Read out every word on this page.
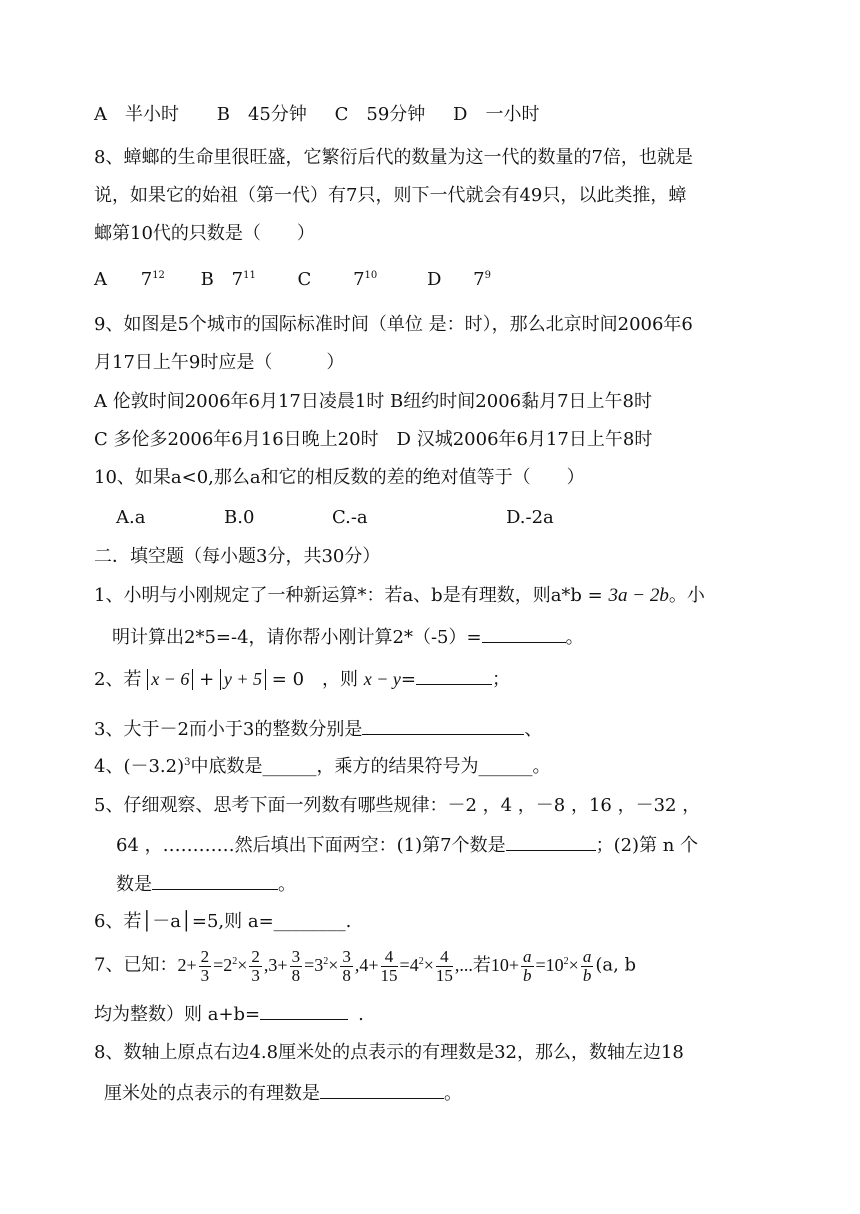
A　半小时 B　45分钟 C　59分钟 D　一小时
8、蟑螂的生命里很旺盛，它繁衍后代的数量为这一代的数量的7倍，也就是
说，如果它的始祖（第一代）有7只，则下一代就会有49只，以此类推，蟑
螂第10代的只数是（　　）
A $7^{12}$ B $7^{11}$ C $7^{10}$	D $7^9$
9、如图是5个城市的国际标准时间（单位 是：时），那么北京时间2006年6
月17日上午9时应是（　　　）
A 伦敦时间2006年6月17日凌晨1时 B纽约时间2006黏月7日上午8时
C 多伦多2006年6月16日晚上20时　D 汉城2006年6月17日上午8时
10、如果a<0,那么a和它的相反数的差的绝对值等于（　　）
A.a	B.0	C.-a	D.-2a
二．填空题（每小题3分，共30分）
1、小明与小刚规定了一种新运算*：若a、b是有理数，则a*b = 3a − 2b。小
明计算出2*5=-4，请你帮小刚计算2*（-5）=	。
2、若 x − 6 + y + 5 = 0　，则 x − y=	；
3、大于－2而小于3的整数分别是	、
4、$(-3.2)^3$中底数是______，乘方的结果符号为______。
5、仔细观察、思考下面一列数有哪些规律：－2 ，4 ，－8 ，16 ，－32 ，
64 ，…………然后填出下面两空：(1)第7个数是	；(2)第 n 个
数是	。
6、若│－a│=5,则 a=________.
7、已知：$2+ \frac{2}{3} =2^2\times \frac{2}{3} ,3+ \frac{3}{8} =3^2\times \frac{3}{8} ,4+ \frac{4}{15} =4^2\times \frac{4}{15}$ ,...若$10+ \frac{a}{b} =10^2\times \frac{a}{b} (a$, b
均为整数）则 a+b=	.
8、数轴上原点右边4.8厘米处的点表示的有理数是32，那么，数轴左边18
厘米处的点表示的有理数是	。
